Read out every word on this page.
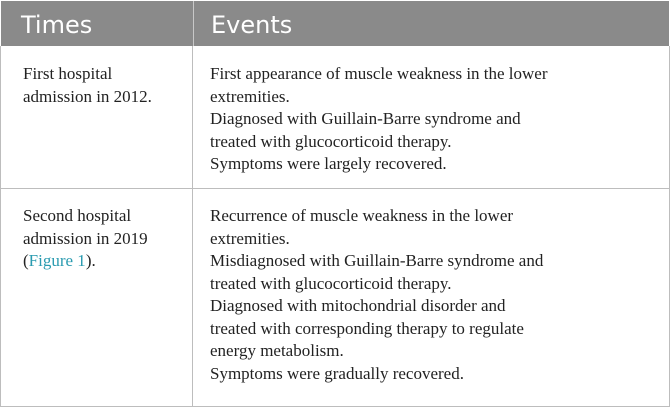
Times	Events
First hospital
admission in 2012.
First appearance of muscle weakness in the lower
extremities.
Diagnosed with Guillain-Barre syndrome and
treated with glucocorticoid therapy.
Symptoms were largely recovered.
Second hospital
admission in 2019
(Figure 1).
Recurrence of muscle weakness in the lower
extremities.
Misdiagnosed with Guillain-Barre syndrome and
treated with glucocorticoid therapy.
Diagnosed with mitochondrial disorder and
treated with corresponding therapy to regulate
energy metabolism.
Symptoms were gradually recovered.
